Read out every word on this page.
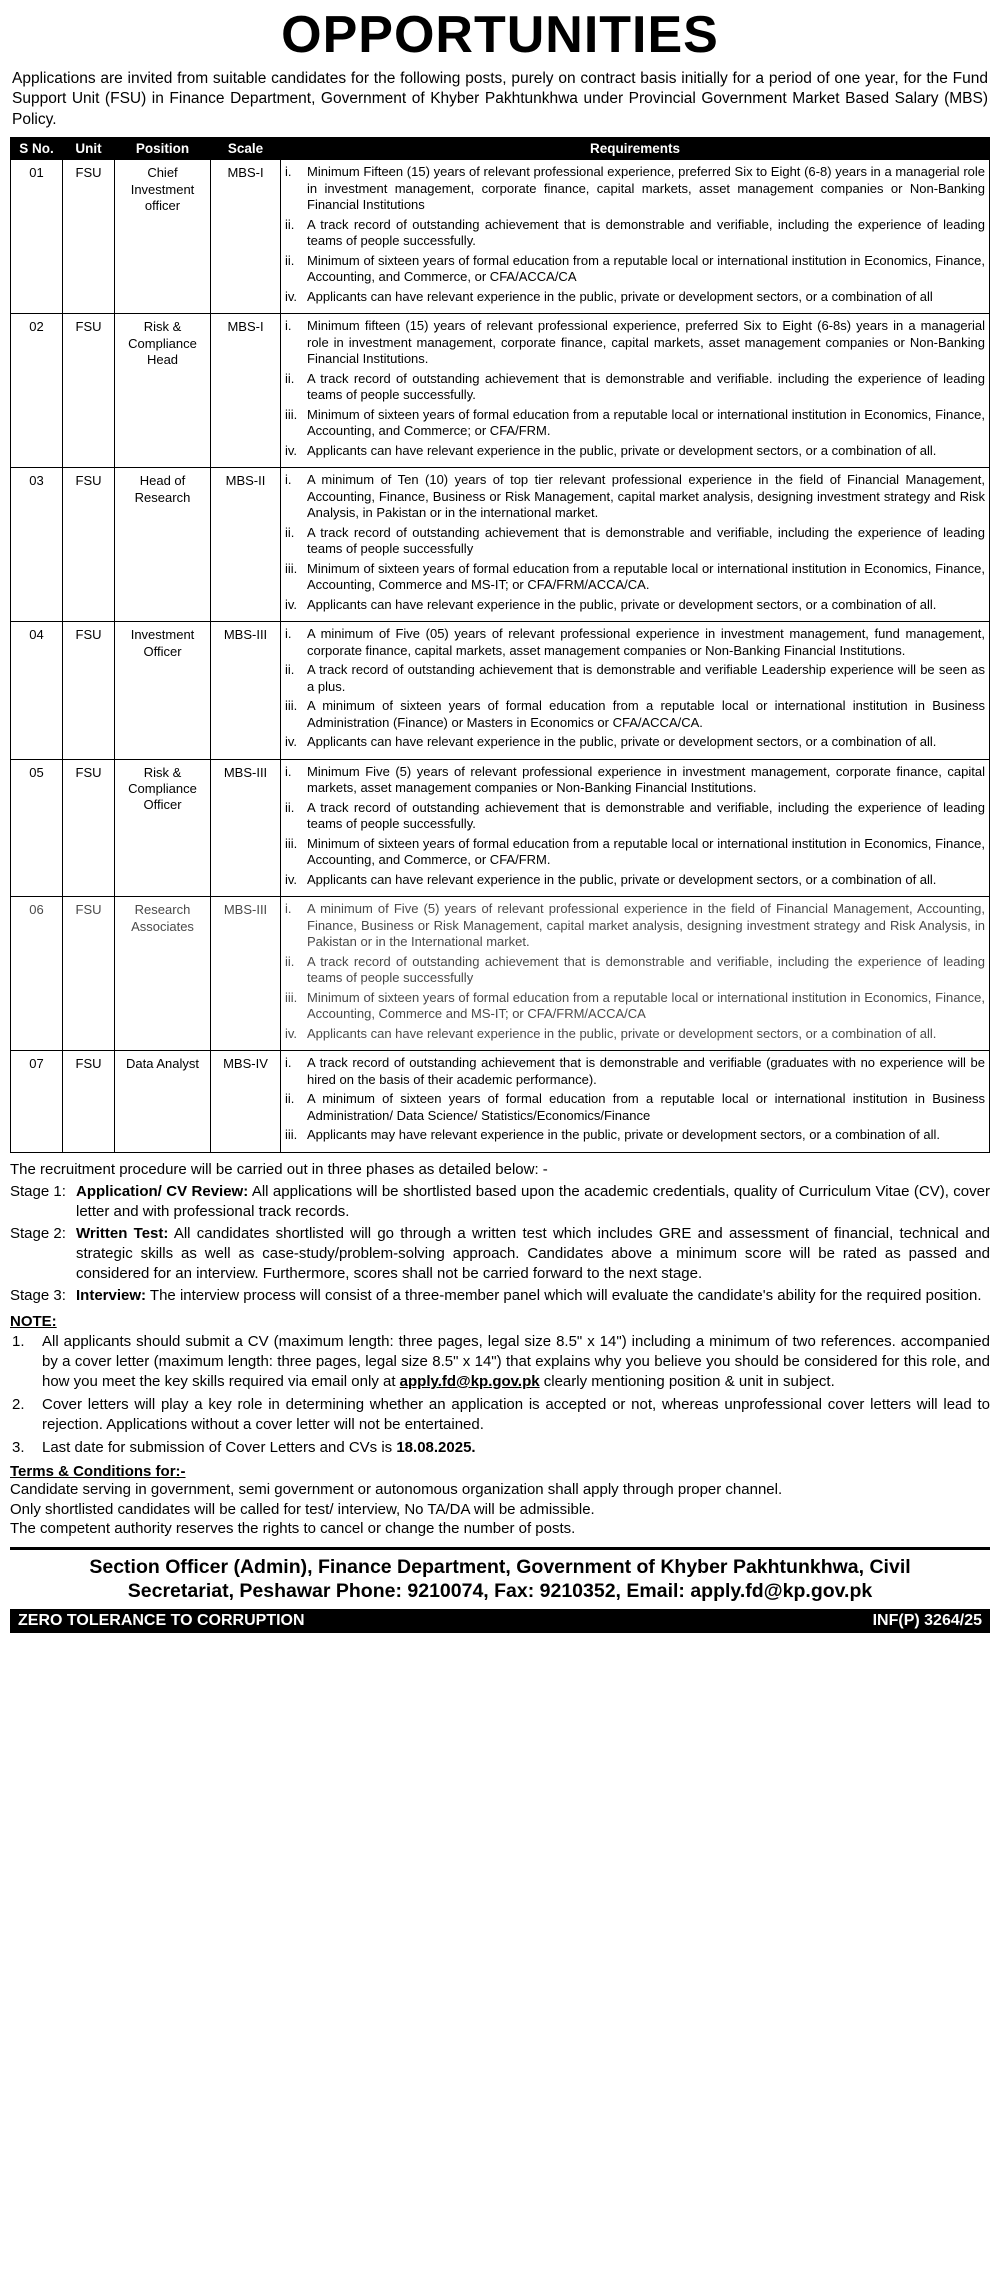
OPPORTUNITIES
Applications are invited from suitable candidates for the following posts, purely on contract basis initially for a period of one year, for the Fund Support Unit (FSU) in Finance Department, Government of Khyber Pakhtunkhwa under Provincial Government Market Based Salary (MBS) Policy.
S No.	Unit	Position	Scale	Requirements
01	FSU	Chief Investment officer	MBS-I	i.	Minimum Fifteen (15) years of relevant professional experience, preferred Six to Eight (6-8) years in a managerial role in investment management, corporate finance, capital markets, asset management companies or Non-Banking Financial Institutions
ii. A track record of outstanding achievement that is demonstrable and verifiable, including the experience of leading teams of people successfully.
ii. Minimum of sixteen years of formal education from a reputable local or international institution in Economics, Finance, Accounting, and Commerce, or CFA/ACCA/CA
iv. Applicants can have relevant experience in the public, private or development sectors, or a combination of all

02	FSU	Risk & Compliance Head	MBS-I	i.	Minimum fifteen (15) years of relevant professional experience, preferred Six to Eight (6-8s) years in a managerial role in investment management, corporate finance, capital markets, asset management companies or Non-Banking Financial Institutions.
ii. A track record of outstanding achievement that is demonstrable and verifiable. including the experience of leading teams of people successfully.
iii. Minimum of sixteen years of formal education from a reputable local or international institution in Economics, Finance, Accounting, and Commerce; or CFA/FRM.
iv. Applicants can have relevant experience in the public, private or development sectors, or a combination of all.

03	FSU	Head of Research	MBS-II	i.	A minimum of Ten (10) years of top tier relevant professional experience in the field of Financial Management, Accounting, Finance, Business or Risk Management, capital market analysis, designing investment strategy and Risk Analysis, in Pakistan or in the international market.
ii. A track record of outstanding achievement that is demonstrable and verifiable, including the experience of leading teams of people successfully
iii. Minimum of sixteen years of formal education from a reputable local or international institution in Economics, Finance, Accounting, Commerce and MS-IT; or CFA/FRM/ACCA/CA.
iv. Applicants can have relevant experience in the public, private or development sectors, or a combination of all.

04	FSU	Investment Officer	MBS-III	i.	A minimum of Five (05) years of relevant professional experience in investment management, fund management, corporate finance, capital markets, asset management companies or Non-Banking Financial Institutions.
ii. A track record of outstanding achievement that is demonstrable and verifiable Leadership experience will be seen as a plus.
iii. A minimum of sixteen years of formal education from a reputable local or international institution in Business Administration (Finance) or Masters in Economics or CFA/ACCA/CA.
iv. Applicants can have relevant experience in the public, private or development sectors, or a combination of all.

05	FSU	Risk & Compliance Officer	MBS-III	i.	Minimum Five (5) years of relevant professional experience in investment management, corporate finance, capital markets, asset management companies or Non-Banking Financial Institutions.
ii. A track record of outstanding achievement that is demonstrable and verifiable, including the experience of leading teams of people successfully.
iii. Minimum of sixteen years of formal education from a reputable local or international institution in Economics, Finance, Accounting, and Commerce, or CFA/FRM.
iv. Applicants can have relevant experience in the public, private or development sectors, or a combination of all.

06	FSU	Research Associates	MBS-III	i.	A minimum of Five (5) years of relevant professional experience in the field of Financial Management, Accounting, Finance, Business or Risk Management, capital market analysis, designing investment strategy and Risk Analysis, in Pakistan or in the International market.
ii. A track record of outstanding achievement that is demonstrable and verifiable, including the experience of leading teams of people successfully
iii. Minimum of sixteen years of formal education from a reputable local or international institution in Economics, Finance, Accounting, Commerce and MS-IT; or CFA/FRM/ACCA/CA
iv. Applicants can have relevant experience in the public, private or development sectors, or a combination of all.

07	FSU	Data Analyst	MBS-IV	i.	A track record of outstanding achievement that is demonstrable and verifiable (graduates with no experience will be hired on the basis of their academic performance).
ii. A minimum of sixteen years of formal education from a reputable local or international institution in Business Administration/ Data Science/ Statistics/Economics/Finance
iii. Applicants may have relevant experience in the public, private or development sectors, or a combination of all.
The recruitment procedure will be carried out in three phases as detailed below: -
Stage 1: Application/ CV Review: All applications will be shortlisted based upon the academic credentials, quality of Curriculum Vitae (CV), cover letter and with professional track records.
Stage 2: Written Test: All candidates shortlisted will go through a written test which includes GRE and assessment of financial, technical and strategic skills as well as case-study/problem-solving approach. Candidates above a minimum score will be rated as passed and considered for an interview. Furthermore, scores shall not be carried forward to the next stage.
Stage 3: Interview: The interview process will consist of a three-member panel which will evaluate the candidate's ability for the required position.
NOTE:
1.	All applicants should submit a CV (maximum length: three pages, legal size 8.5" x 14") including a minimum of two references. accompanied by a cover letter (maximum length: three pages, legal size 8.5" x 14") that explains why you believe you should be considered for this role, and how you meet the key skills required via email only at apply.fd@kp.gov.pk clearly mentioning position & unit in subject.
2.	Cover letters will play a key role in determining whether an application is accepted or not, whereas unprofessional cover letters will lead to rejection. Applications without a cover letter will not be entertained.
3.	Last date for submission of Cover Letters and CVs is 18.08.2025.
Terms & Conditions for:-
Candidate serving in government, semi government or autonomous organization shall apply through proper channel.
Only shortlisted candidates will be called for test/ interview, No TA/DA will be admissible.
The competent authority reserves the rights to cancel or change the number of posts.
Section Officer (Admin), Finance Department, Government of Khyber Pakhtunkhwa, Civil
Secretariat, Peshawar Phone: 9210074, Fax: 9210352, Email: apply.fd@kp.gov.pk
ZERO TOLERANCE TO CORRUPTION	INF(P) 3264/25
